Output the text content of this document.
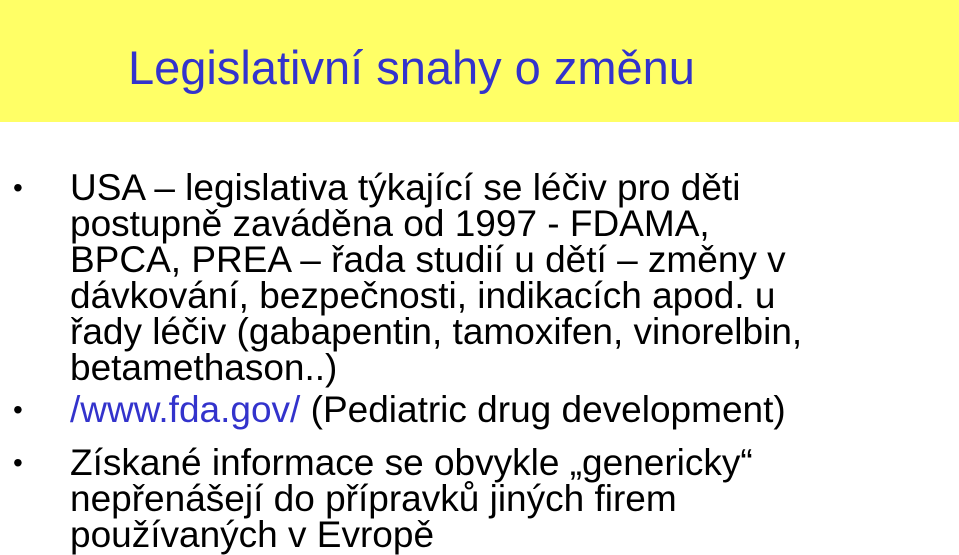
Legislativní snahy o změnu
• USA – legislativa týkající se léčiv pro děti
postupně zaváděna od 1997 - FDAMA,
BPCA, PREA – řada studií u dětí – změny v
dávkování, bezpečnosti, indikacích apod. u
řady léčiv (gabapentin, tamoxifen, vinorelbin,
betamethason..)
• /www.fda.gov/ (Pediatric drug development)
• Získané informace se obvykle „genericky“
nepřenášejí do přípravků jiných firem
používaných v Evropě
